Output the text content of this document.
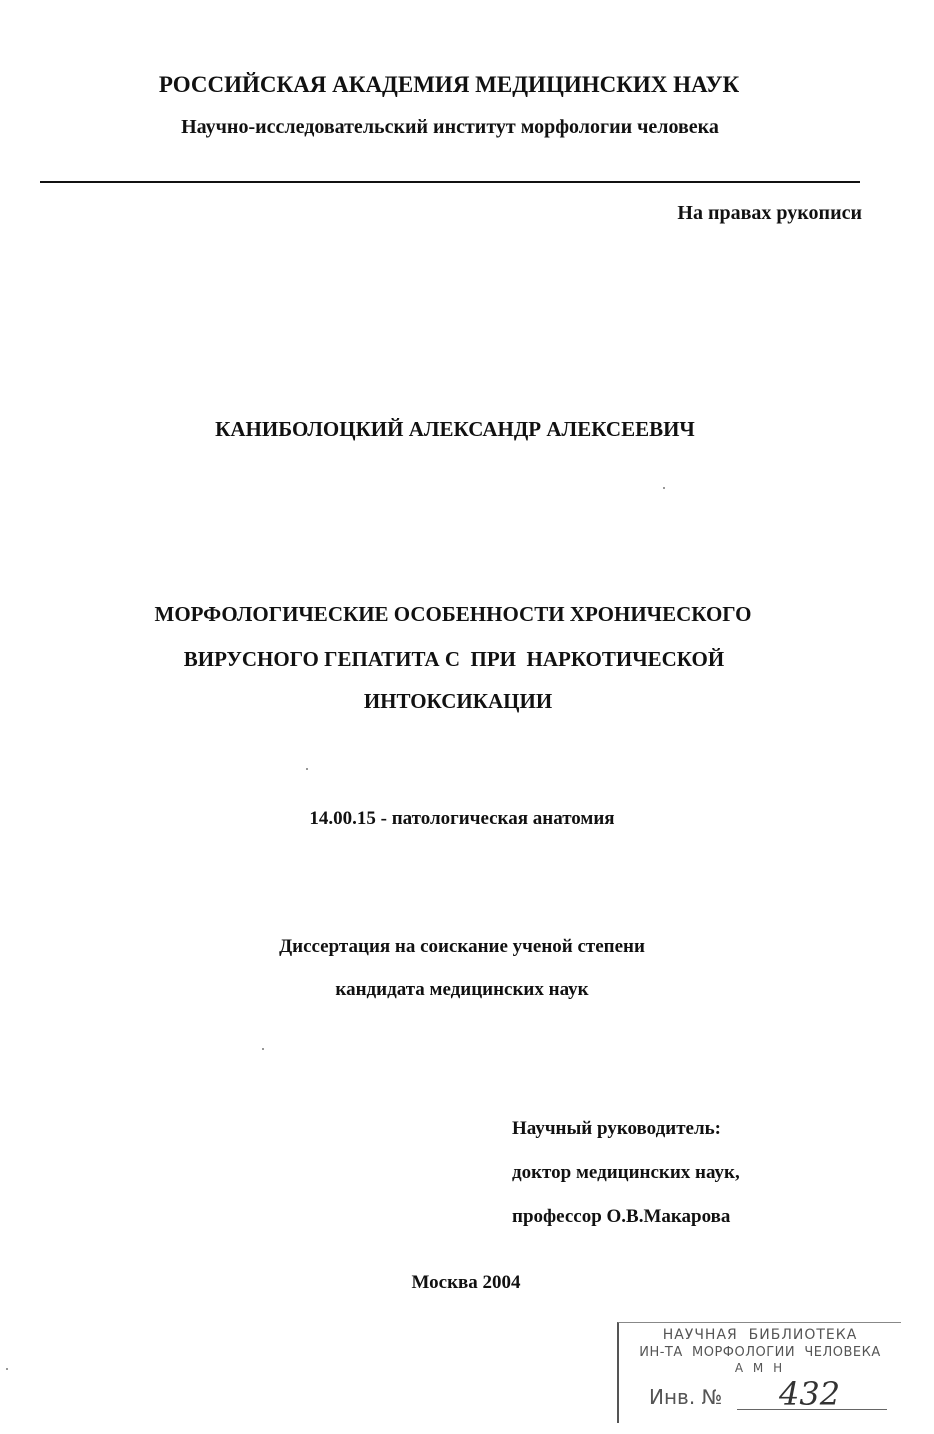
РОССИЙСКАЯ АКАДЕМИЯ МЕДИЦИНСКИХ НАУК
Научно-исследовательский институт морфологии человека
На правах рукописи
КАНИБОЛОЦКИЙ АЛЕКСАНДР АЛЕКСЕЕВИЧ
МОРФОЛОГИЧЕСКИЕ ОСОБЕННОСТИ ХРОНИЧЕСКОГО
ВИРУСНОГО ГЕПАТИТА С  ПРИ  НАРКОТИЧЕСКОЙ
ИНТОКСИКАЦИИ
14.00.15 - патологическая анатомия
Диссертация на соискание ученой степени
кандидата медицинских наук
Научный руководитель:
доктор медицинских наук,
профессор О.В.Макарова
Москва 2004
НАУЧНАЯ  БИБЛИОТЕКА
ИН-ТА  МОРФОЛОГИИ  ЧЕЛОВЕКА
А М Н
Инв. № 432
